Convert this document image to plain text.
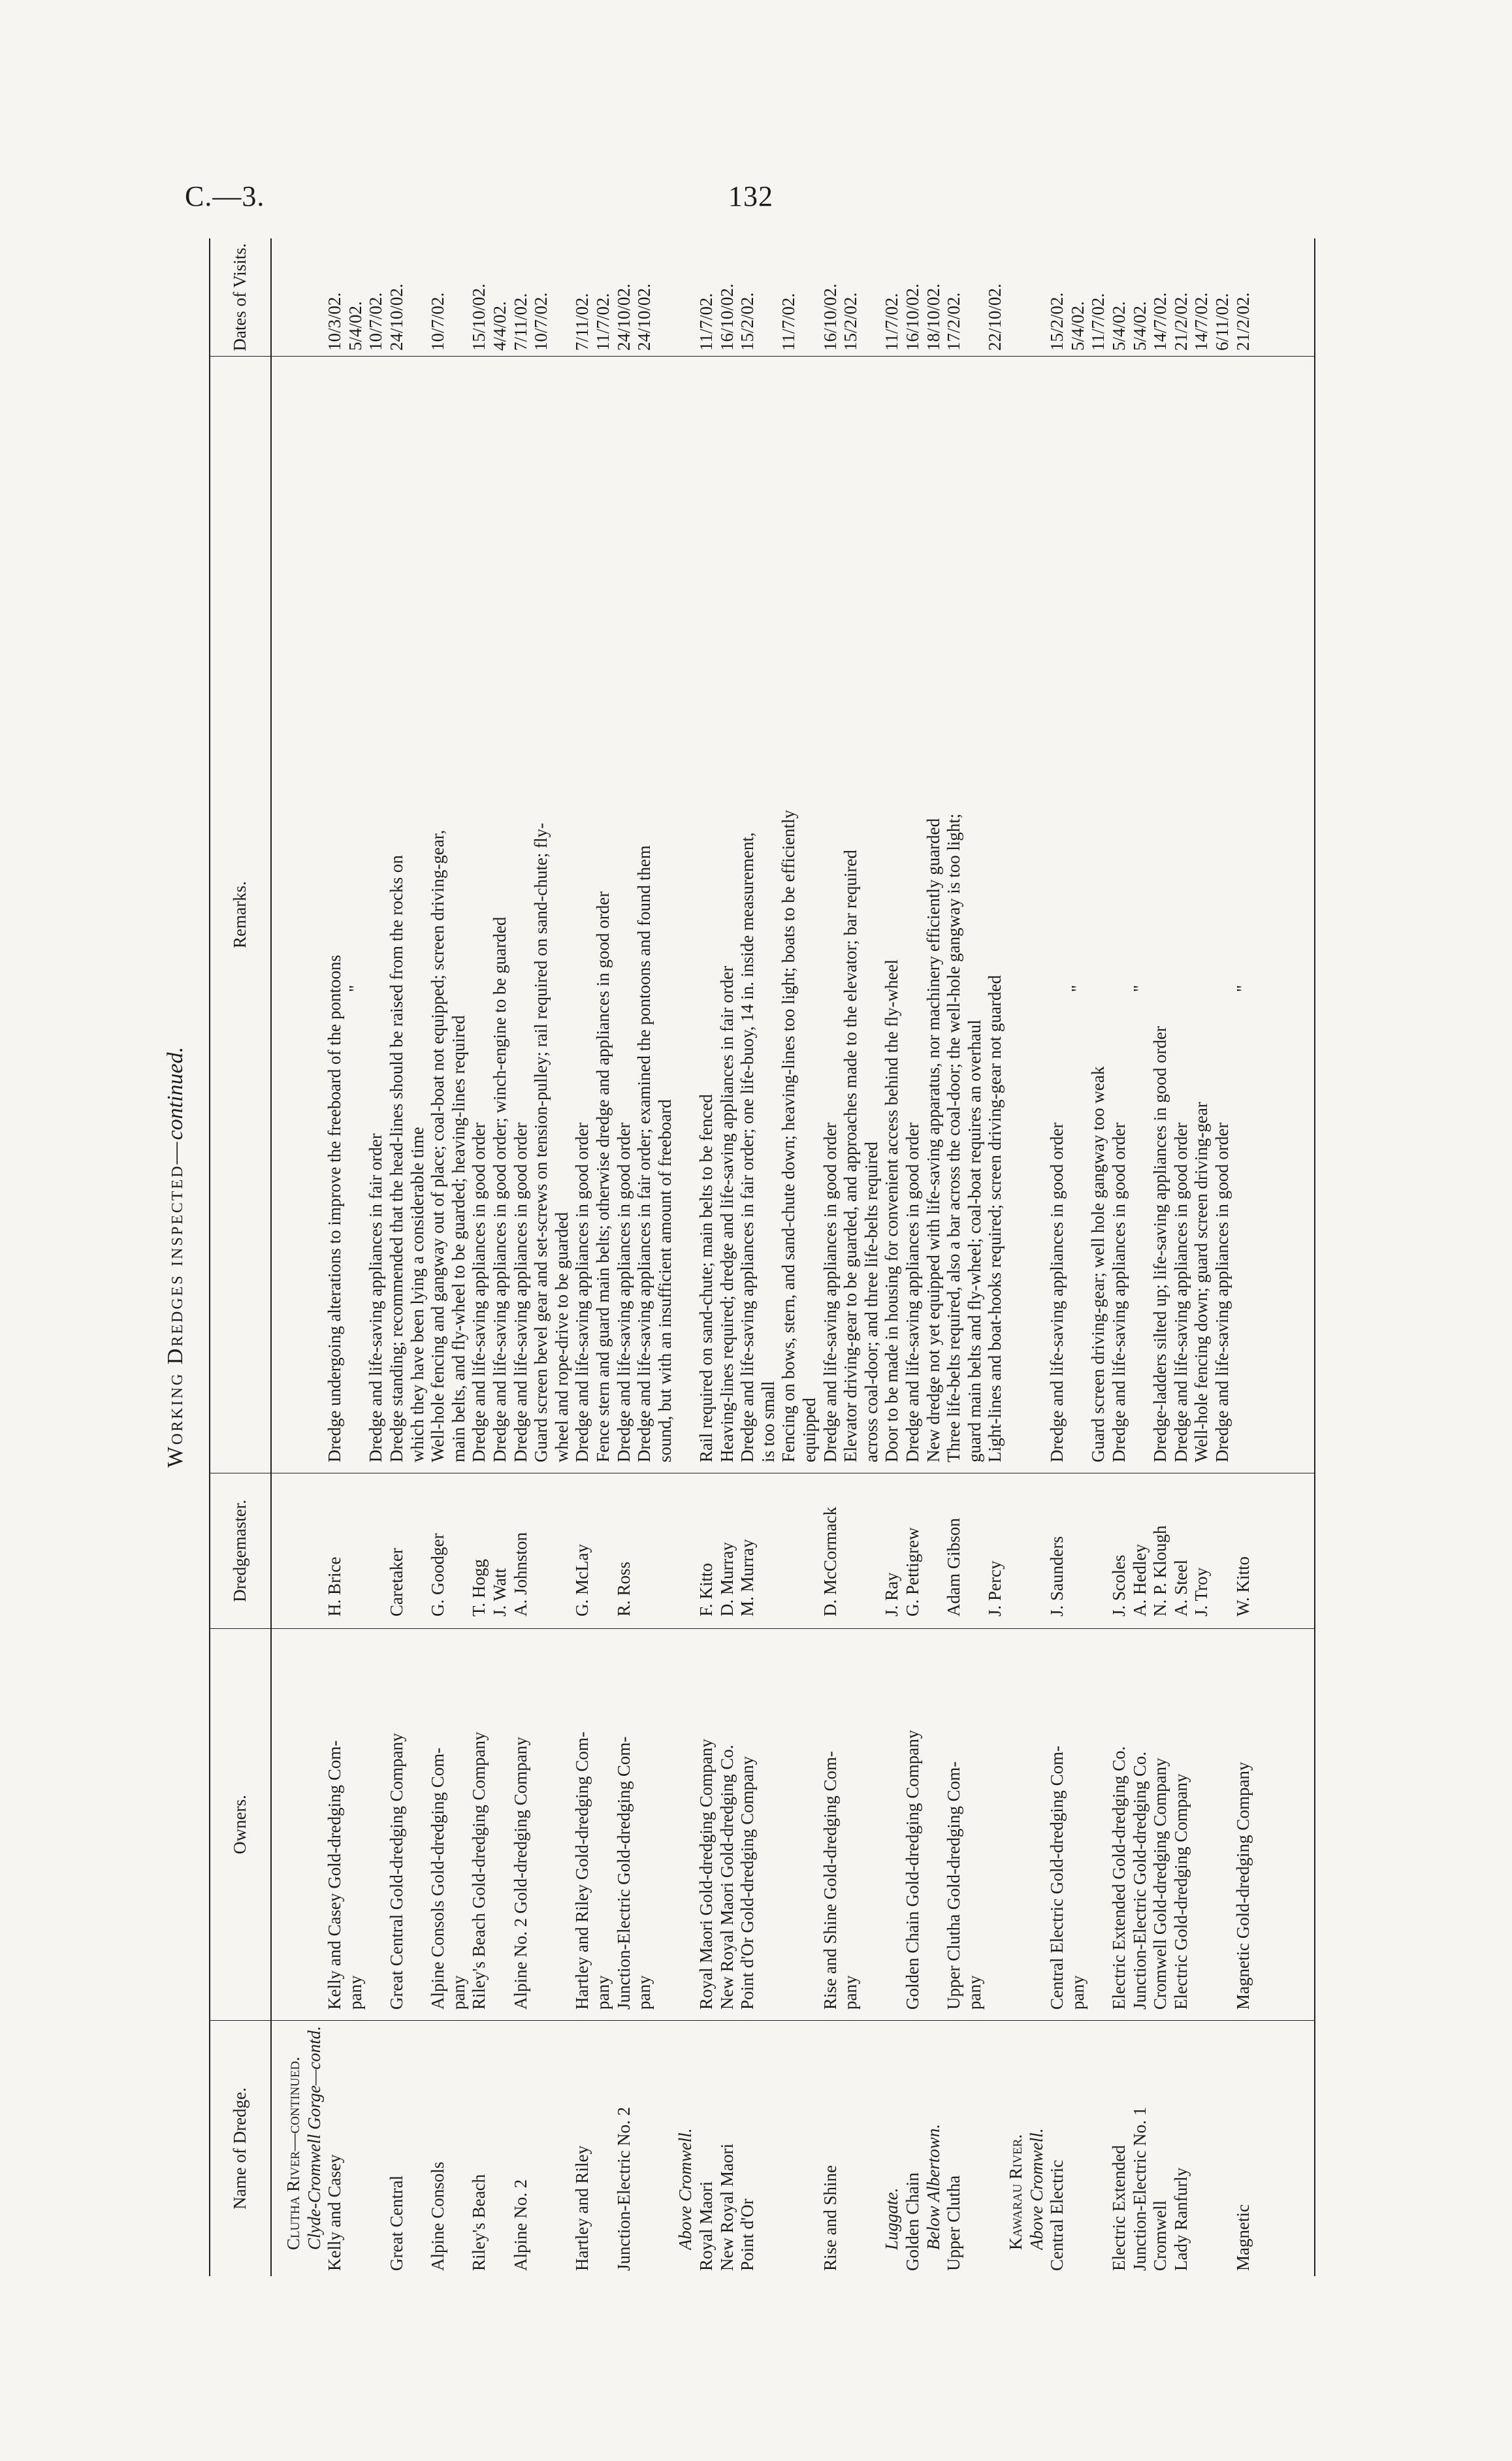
C.—3.	132
Working Dredges inspected—continued.
Name of Dredge.
Owners.
Dredgemaster.
Remarks.
Dates of Visits.
Clutha River—continued. Clyde-Cromwell Gorge—contd. Kelly and Casey
Kelly and Casey Gold-dredging Com-
H. Brice
Dredge undergoing alterations to improve the freeboard of the pontoons
10/3/02.
pany
"
5/4/02.
Dredge and life-saving appliances in fair order
10/7/02.
Great Central
Great Central Gold-dredging Company
Caretaker
Dredge standing; recommended that the head-lines should be raised from the rocks on
24/10/02.
which they have been lying a considerable time
Alpine Consols
Alpine Consols Gold-dredging Com-
G. Goodger
Well-hole fencing and gangway out of place; coal-boat not equipped; screen driving-gear,
10/7/02.
pany
main belts, and fly-wheel to be guarded; heaving-lines required
Riley's Beach
Riley's Beach Gold-dredging Company
T. Hogg
Dredge and life-saving appliances in good order
15/10/02.
J. Watt
Dredge and life-saving appliances in good order; winch-engine to be guarded
4/4/02.
Alpine No. 2
Alpine No. 2 Gold-dredging Company
A. Johnston
Dredge and life-saving appliances in good order
7/11/02.
Guard screen bevel gear and set-screws on tension-pulley; rail required on sand-chute; fly-
10/7/02.
wheel and rope-drive to be guarded
Hartley and Riley
Hartley and Riley Gold-dredging Com-
G. McLay
Dredge and life-saving appliances in good order
7/11/02.
pany
Fence stern and guard main belts; otherwise dredge and appliances in good order
11/7/02.
Junction-Electric No. 2
Junction-Electric Gold-dredging Com-
R. Ross
Dredge and life-saving appliances in good order
24/10/02.
pany
Dredge and life-saving appliances in fair order; examined the pontoons and found them
24/10/02.
sound, but with an insufficient amount of freeboard
Above Cromwell. Royal Maori
Royal Maori Gold-dredging Company
F. Kitto
Rail required on sand-chute; main belts to be fenced
11/7/02.
New Royal Maori
New Royal Maori Gold-dredging Co.
D. Murray
Heaving-lines required; dredge and life-saving appliances in fair order
16/10/02.
Point d'Or
Point d'Or Gold-dredging Company
M. Murray
Dredge and life-saving appliances in fair order; one life-buoy, 14 in. inside measurement,
15/2/02.
is too small Fencing on bows, stern, and sand-chute down; heaving-lines too light; boats to be efficiently
11/7/02.
equipped
Rise and Shine
Rise and Shine Gold-dredging Com-
D. McCormack
Dredge and life-saving appliances in good order
16/10/02.
pany
Elevator driving-gear to be guarded, and approaches made to the elevator; bar required
15/2/02.
across coal-door; and three life-belts required
Luggate.
J. Ray
Door to be made in housing for convenient access behind the fly-wheel
11/7/02.
Golden Chain
Golden Chain Gold-dredging Company
G. Pettigrew
Dredge and life-saving appliances in good order
16/10/02.
Below Albertown.
New dredge not yet equipped with life-saving apparatus, nor machinery efficiently guarded
18/10/02.
Upper Clutha
Upper Clutha Gold-dredging Com-
Adam Gibson
Three life-belts required, also a bar across the coal-door; the well-hole gangway is too light;
17/2/02.
pany
guard main belts and fly-wheel; coal-boat requires an overhaul
J. Percy
Light-lines and boat-hooks required; screen driving-gear not guarded
22/10/02.
Kawarau River. Above Cromwell. Central Electric
Central Electric Gold-dredging Com-
J. Saunders
Dredge and life-saving appliances in good order
15/2/02.
pany
"
5/4/02.
Guard screen driving-gear; well hole gangway too weak
11/7/02.
Electric Extended
Electric Extended Gold-dredging Co.
J. Scoles
Dredge and life-saving appliances in good order
5/4/02.
Junction-Electric No. 1
Junction-Electric Gold-dredging Co.
A. Hedley
"
5/4/02.
Cromwell
Cromwell Gold-dredging Company
N. P. Klough
Dredge-ladders silted up; life-saving appliances in good order
14/7/02.
Lady Ranfurly
Electric Gold-dredging Company
A. Steel
Dredge and life-saving appliances in good order
21/2/02.
J. Troy
Well-hole fencing down; guard screen driving-gear
14/7/02.
Dredge and life-saving appliances in good order
6/11/02.
Magnetic
Magnetic Gold-dredging Company
W. Kitto
"
21/2/02.
